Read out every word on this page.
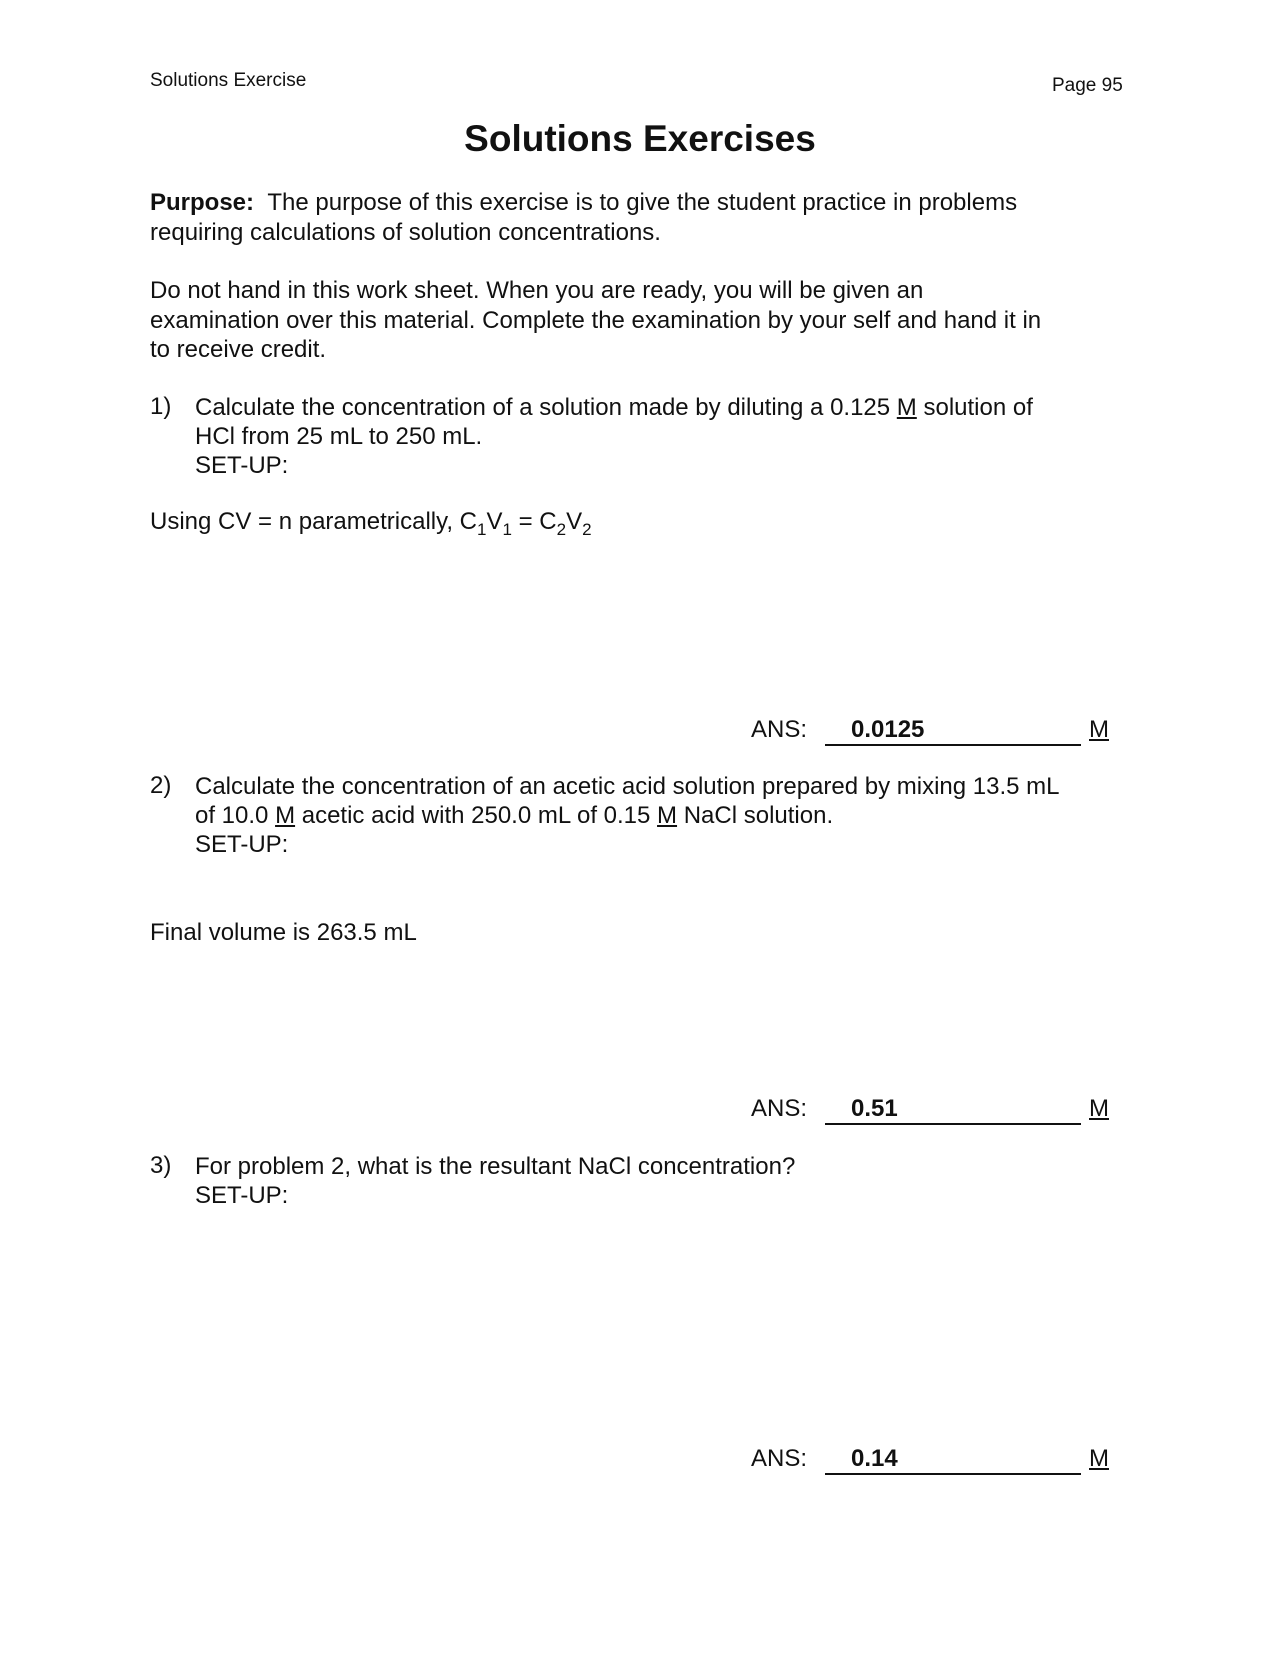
Solutions Exercise	Page 95
Solutions Exercises
Purpose: The purpose of this exercise is to give the student practice in problems
requiring calculations of solution concentrations.
Do not hand in this work sheet. When you are ready, you will be given an
examination over this material. Complete the examination by your self and hand it in
to receive credit.
1) Calculate the concentration of a solution made by diluting a 0.125 M solution of
HCl from 25 mL to 250 mL.
SET-UP:
Using CV = n parametrically, $C_1V_1 = C_2V_2$
ANS:	0.0125	M
2) Calculate the concentration of an acetic acid solution prepared by mixing 13.5 mL
of 10.0 M acetic acid with 250.0 mL of 0.15 M NaCl solution.
SET-UP:
Final volume is 263.5 mL
ANS:	0.51	M
3) For problem 2, what is the resultant NaCl concentration?
SET-UP:
ANS:	0.14	M
